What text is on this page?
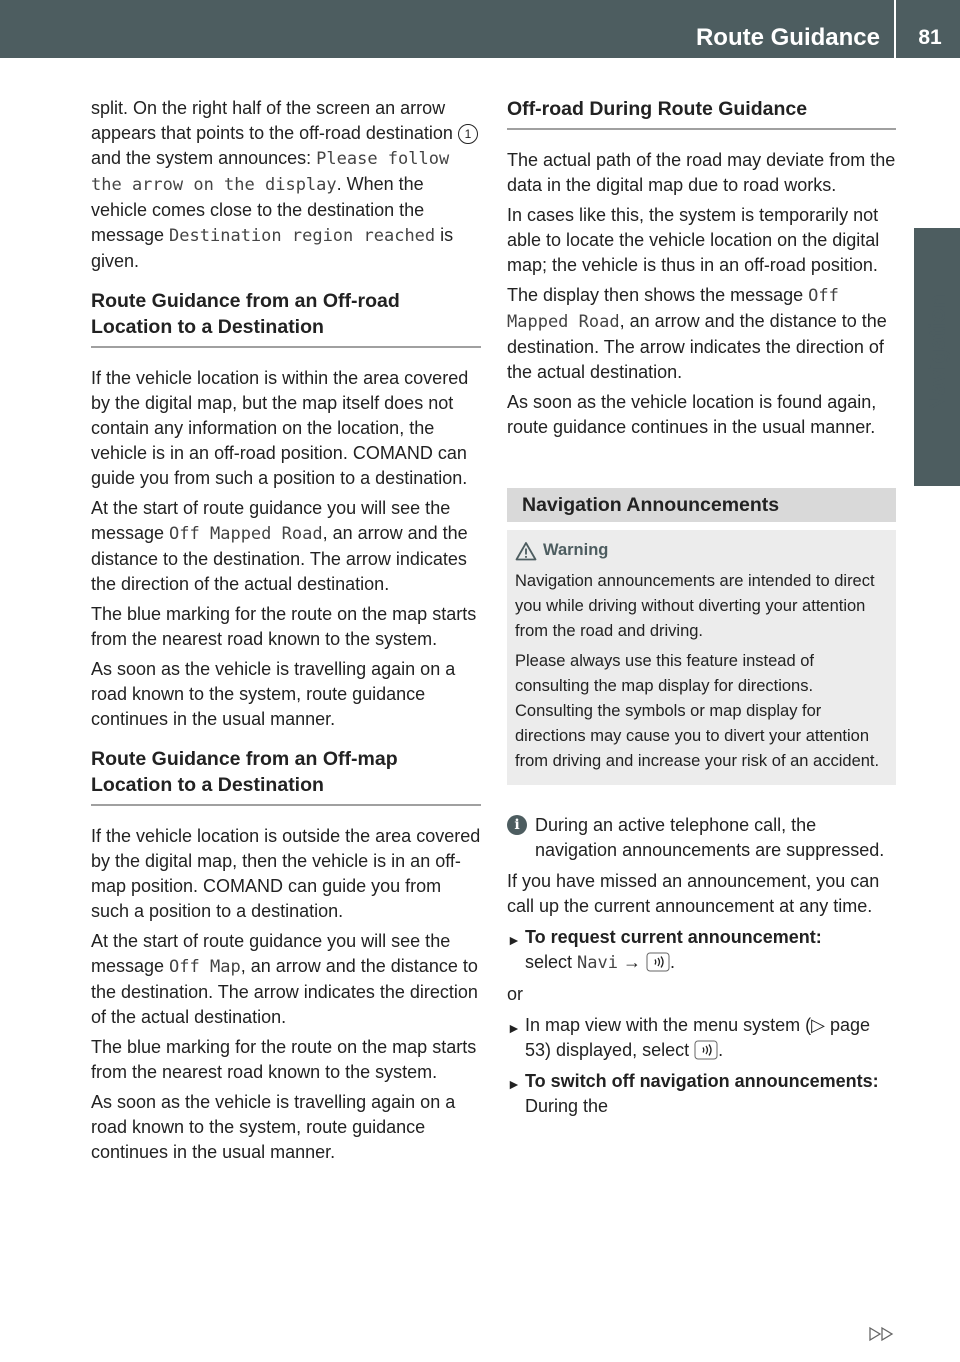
Route Guidance	81
Navigation

split. On the right half of the screen an arrow appears that points to the off-road destination 1 and the system announces: Please follow the arrow on the display. When the vehicle comes close to the destination the message Destination region reached is given.

Route Guidance from an Off-road Location to a Destination

If the vehicle location is within the area covered by the digital map, but the map itself does not contain any information on the location, the vehicle is in an off-road position. COMAND can guide you from such a position to a destination.

At the start of route guidance you will see the message Off Mapped Road, an arrow and the distance to the destination. The arrow indicates the direction of the actual destination.

The blue marking for the route on the map starts from the nearest road known to the system.

As soon as the vehicle is travelling again on a road known to the system, route guidance continues in the usual manner.

Route Guidance from an Off-map Location to a Destination

If the vehicle location is outside the area covered by the digital map, then the vehicle is in an off-map position. COMAND can guide you from such a position to a destination.

At the start of route guidance you will see the message Off Map, an arrow and the distance to the destination. The arrow indicates the direction of the actual destination.

The blue marking for the route on the map starts from the nearest road known to the system.

As soon as the vehicle is travelling again on a road known to the system, route guidance continues in the usual manner.

Off-road During Route Guidance

The actual path of the road may deviate from the data in the digital map due to road works.

In cases like this, the system is temporarily not able to locate the vehicle location on the digital map; the vehicle is thus in an off-road position.

The display then shows the message Off Mapped Road, an arrow and the distance to the destination. The arrow indicates the direction of the actual destination.

As soon as the vehicle location is found again, route guidance continues in the usual manner.

Navigation Announcements
Warning

Navigation announcements are intended to direct you while driving without diverting your attention from the road and driving.

Please always use this feature instead of consulting the map display for directions. Consulting the symbols or map display for directions may cause you to divert your attention from driving and increase your risk of an accident.

i During an active telephone call, the navigation announcements are suppressed.

If you have missed an announcement, you can call up the current announcement at any time.

► To request current announcement:
select Navi → .

or

► In map view with the menu system (▷ page 53) displayed, select .
► To switch off navigation announcements: During the
